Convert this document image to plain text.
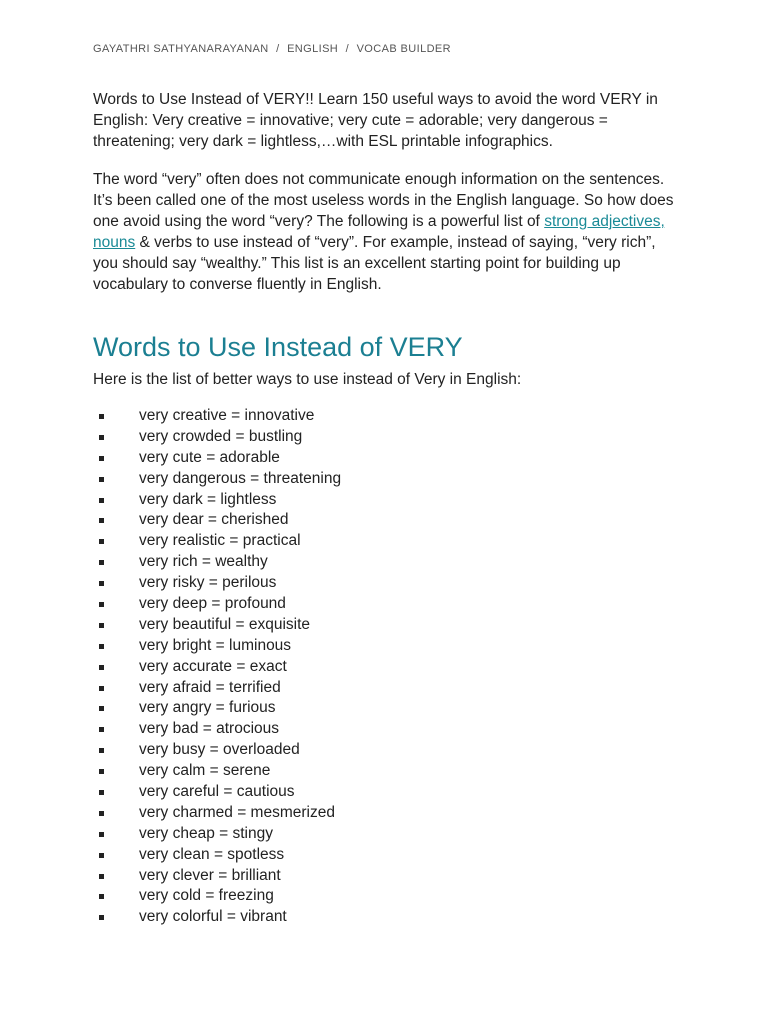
GAYATHRI SATHYANARAYANAN / ENGLISH / VOCAB BUILDER

Words to Use Instead of VERY!! Learn 150 useful ways to avoid the word VERY in English: Very creative = innovative; very cute = adorable; very dangerous = threatening; very dark = lightless,…with ESL printable infographics.

The word “very” often does not communicate enough information on the sentences. It’s been called one of the most useless words in the English language. So how does one avoid using the word “very? The following is a powerful list of strong adjectives, nouns & verbs to use instead of “very”. For example, instead of saying, “very rich”, you should say “wealthy.” This list is an excellent starting point for building up vocabulary to converse fluently in English.

Words to Use Instead of VERY

Here is the list of better ways to use instead of Very in English:

very creative = innovative
very crowded = bustling
very cute = adorable
very dangerous = threatening
very dark = lightless
very dear = cherished
very realistic = practical
very rich = wealthy
very risky = perilous
very deep = profound
very beautiful = exquisite
very bright = luminous
very accurate = exact
very afraid = terrified
very angry = furious
very bad = atrocious
very busy = overloaded
very calm = serene
very careful = cautious
very charmed = mesmerized
very cheap = stingy
very clean = spotless
very clever = brilliant
very cold = freezing
very colorful = vibrant
